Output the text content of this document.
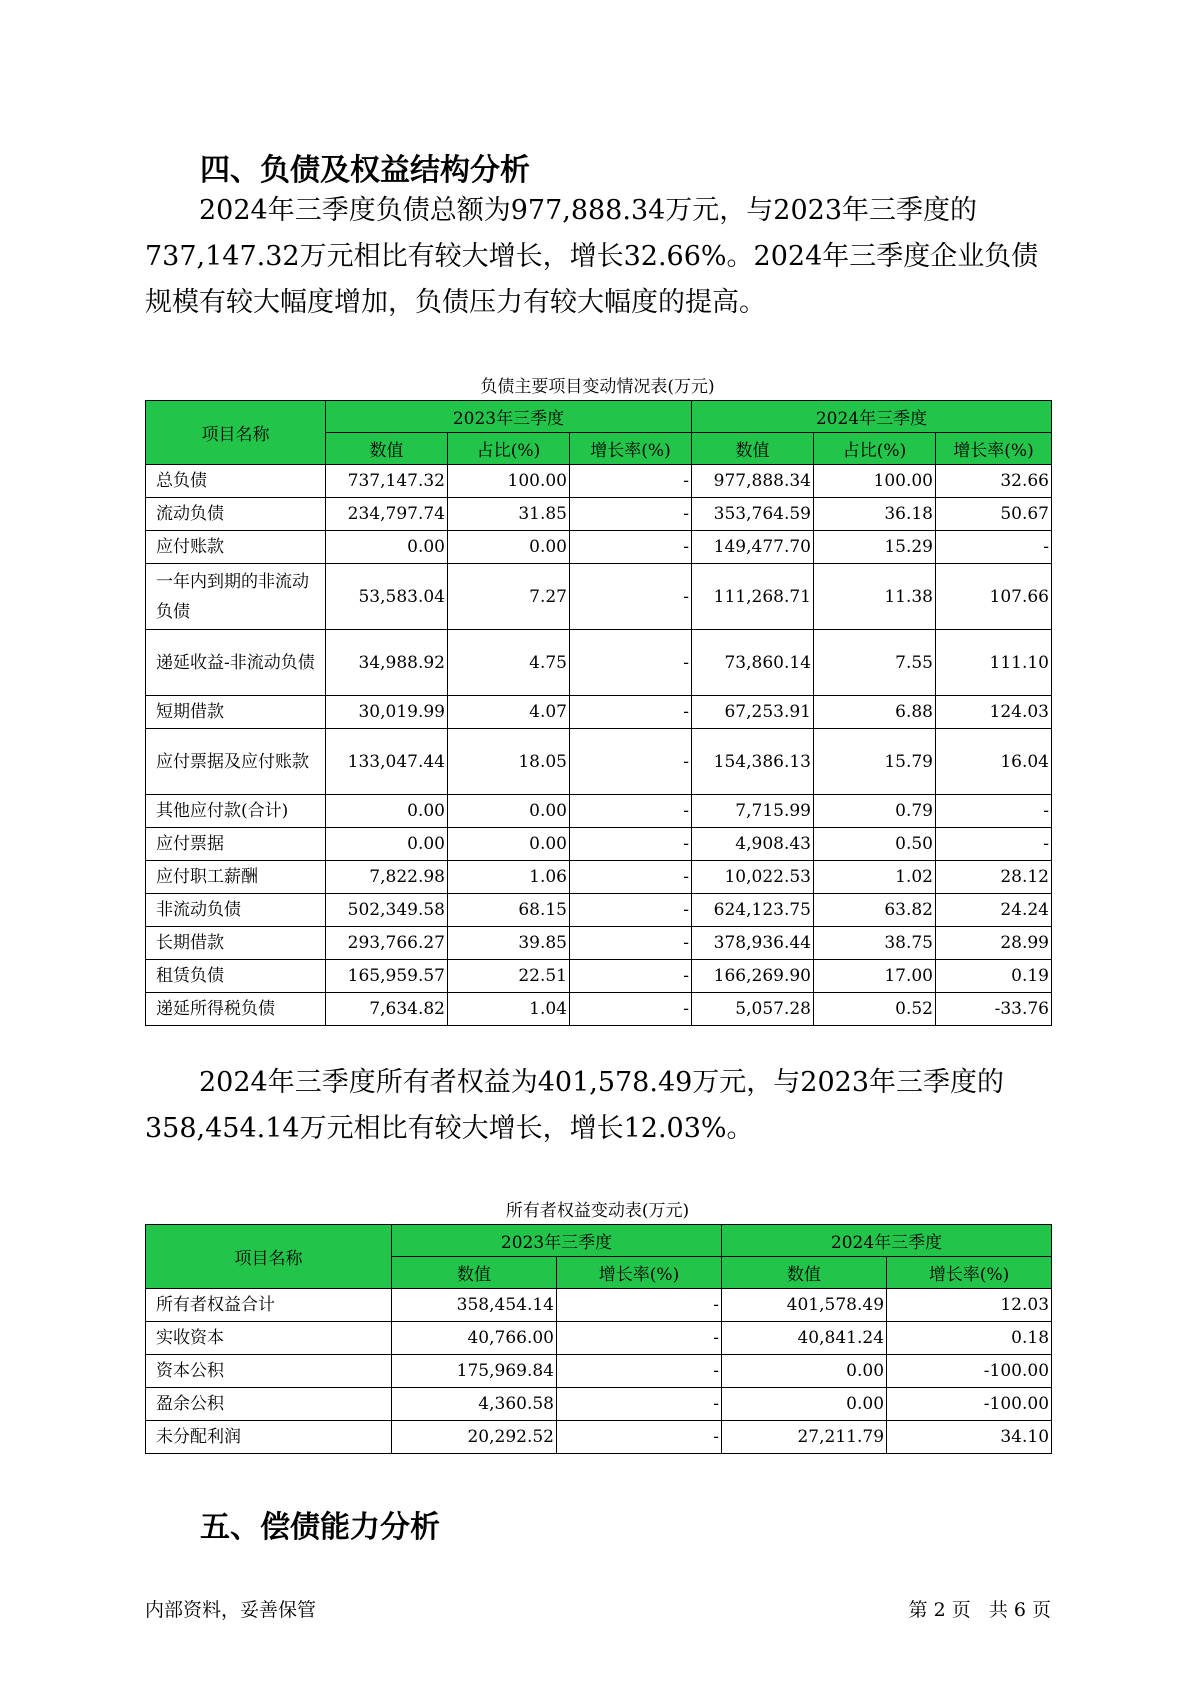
四、负债及权益结构分析

2024年三季度负债总额为977,888.34万元，与2023年三季度的737,147.32万元相比有较大增长，增长32.66%。2024年三季度企业负债规模有较大幅度增加，负债压力有较大幅度的提高。

负债主要项目变动情况表(万元)
项目名称	2023年三季度			2024年三季度		
	数值	占比(%)	增长率(%)	数值	占比(%)	增长率(%)
总负债	737,147.32	100.00	-	977,888.34	100.00	32.66
流动负债	234,797.74	31.85	-	353,764.59	36.18	50.67
应付账款	0.00	0.00	-	149,477.70	15.29	-
一年内到期的非流动负债	53,583.04	7.27	-	111,268.71	11.38	107.66
递延收益-非流动负债	34,988.92	4.75	-	73,860.14	7.55	111.10
短期借款	30,019.99	4.07	-	67,253.91	6.88	124.03
应付票据及应付账款	133,047.44	18.05	-	154,386.13	15.79	16.04
其他应付款(合计)	0.00	0.00	-	7,715.99	0.79	-
应付票据	0.00	0.00	-	4,908.43	0.50	-
应付职工薪酬	7,822.98	1.06	-	10,022.53	1.02	28.12
非流动负债	502,349.58	68.15	-	624,123.75	63.82	24.24
长期借款	293,766.27	39.85	-	378,936.44	38.75	28.99
租赁负债	165,959.57	22.51	-	166,269.90	17.00	0.19
递延所得税负债	7,634.82	1.04	-	5,057.28	0.52	-33.76

2024年三季度所有者权益为401,578.49万元，与2023年三季度的358,454.14万元相比有较大增长，增长12.03%。

所有者权益变动表(万元)
项目名称	2023年三季度		2024年三季度	
	数值	增长率(%)	数值	增长率(%)
所有者权益合计	358,454.14	-	401,578.49	12.03
实收资本	40,766.00	-	40,841.24	0.18
资本公积	175,969.84	-	0.00	-100.00
盈余公积	4,360.58	-	0.00	-100.00
未分配利润	20,292.52	-	27,211.79	34.10
五、偿债能力分析
内部资料，妥善保管	第 2 页   共 6 页
